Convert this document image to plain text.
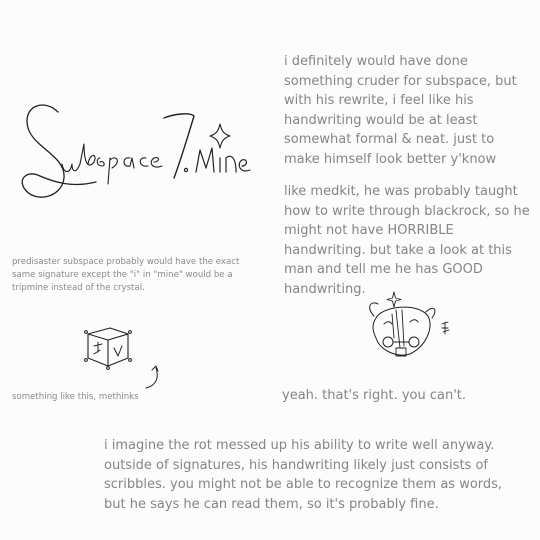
predisaster subspace probably would have the exact same signature except the "i" in "mine" would be a tripmine instead of the crystal.

something like this, methinks

i definitely would have done something cruder for subspace, but with his rewrite, i feel like his handwriting would be at least somewhat formal & neat. just to make himself look better y'know

like medkit, he was probably taught how to write through blackrock, so he might not have HORRIBLE handwriting. but take a look at this man and tell me he has GOOD handwriting.

yeah. that's right. you can't.

i imagine the rot messed up his ability to write well anyway. outside of signatures, his handwriting likely just consists of scribbles. you might not be able to recognize them as words, but he says he can read them, so it's probably fine.
